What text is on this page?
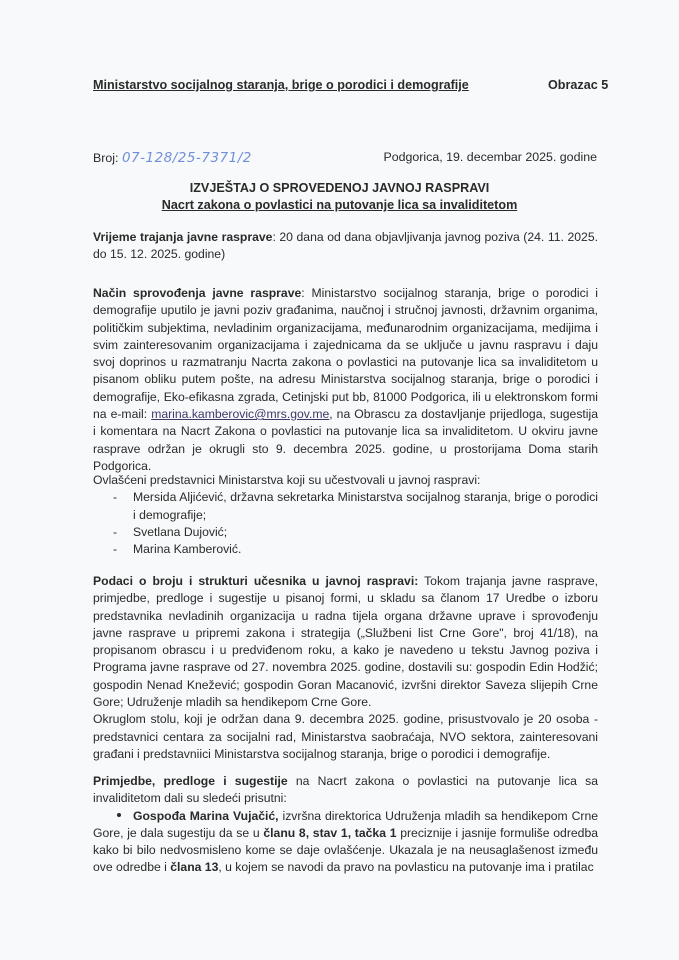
Ministarstvo socijalnog staranja, brige o porodici i demografije	Obrazac 5
Broj: 07-128/25-7371/2	Podgorica, 19. decembar 2025. godine
IZVJEŠTAJ O SPROVEDENOJ JAVNOJ RASPRAVI
Nacrt zakona o povlastici na putovanje lica sa invaliditetom
Vrijeme trajanja javne rasprave: 20 dana od dana objavljivanja javnog poziva (24. 11. 2025. do 15. 12. 2025. godine)
Način sprovođenja javne rasprave: Ministarstvo socijalnog staranja, brige o porodici i demografije uputilo je javni poziv građanima, naučnoj i stručnoj javnosti, državnim organima, političkim subjektima, nevladinim organizacijama, međunarodnim organizacijama, medijima i svim zainteresovanim organizacijama i zajednicama da se uključe u javnu raspravu i daju svoj doprinos u razmatranju Nacrta zakona o povlastici na putovanje lica sa invaliditetom u pisanom obliku putem pošte, na adresu Ministarstva socijalnog staranja, brige o porodici i demografije, Eko-efikasna zgrada, Cetinjski put bb, 81000 Podgorica, ili u elektronskom formi na e-mail: marina.kamberovic@mrs.gov.me, na Obrascu za dostavljanje prijedloga, sugestija i komentara na Nacrt Zakona o povlastici na putovanje lica sa invaliditetom. U okviru javne rasprave održan je okrugli sto 9. decembra 2025. godine, u prostorijama Doma starih Podgorica.
Ovlašćeni predstavnici Ministarstva koji su učestvovali u javnoj raspravi:
- Mersida Aljićević, državna sekretarka Ministarstva socijalnog staranja, brige o porodici i demografije;
- Svetlana Dujović;
- Marina Kamberović.
Podaci o broju i strukturi učesnika u javnoj raspravi: Tokom trajanja javne rasprave, primjedbe, predloge i sugestije u pisanoj formi, u skladu sa članom 17 Uredbe o izboru predstavnika nevladinih organizacija u radna tijela organa državne uprave i sprovođenju javne rasprave u pripremi zakona i strategija („Službeni list Crne Gore", broj 41/18), na propisanom obrascu i u predviđenom roku, a kako je navedeno u tekstu Javnog poziva i Programa javne rasprave od 27. novembra 2025. godine, dostavili su: gospodin Edin Hodžić; gospodin Nenad Knežević; gospodin Goran Macanović, izvršni direktor Saveza slijepih Crne Gore; Udruženje mladih sa hendikepom Crne Gore.
Okruglom stolu, koji je održan dana 9. decembra 2025. godine, prisustvovalo je 20 osoba - predstavnici centara za socijalni rad, Ministarstva saobraćaja, NVO sektora, zainteresovani građani i predstavniici Ministarstva socijalnog staranja, brige o porodici i demografije.
Primjedbe, predloge i sugestije na Nacrt zakona o povlastici na putovanje lica sa invaliditetom dali su sledeći prisutni:
Gospođa Marina Vujačić, izvršna direktorica Udruženja mladih sa hendikepom Crne Gore, je dala sugestiju da se u članu 8, stav 1, tačka 1 preciznije i jasnije formuliše odredba kako bi bilo nedvosmisleno kome se daje ovlašćenje. Ukazala je na neusaglašenost između ove odredbe i člana 13, u kojem se navodi da pravo na povlasticu na putovanje ima i pratilac
